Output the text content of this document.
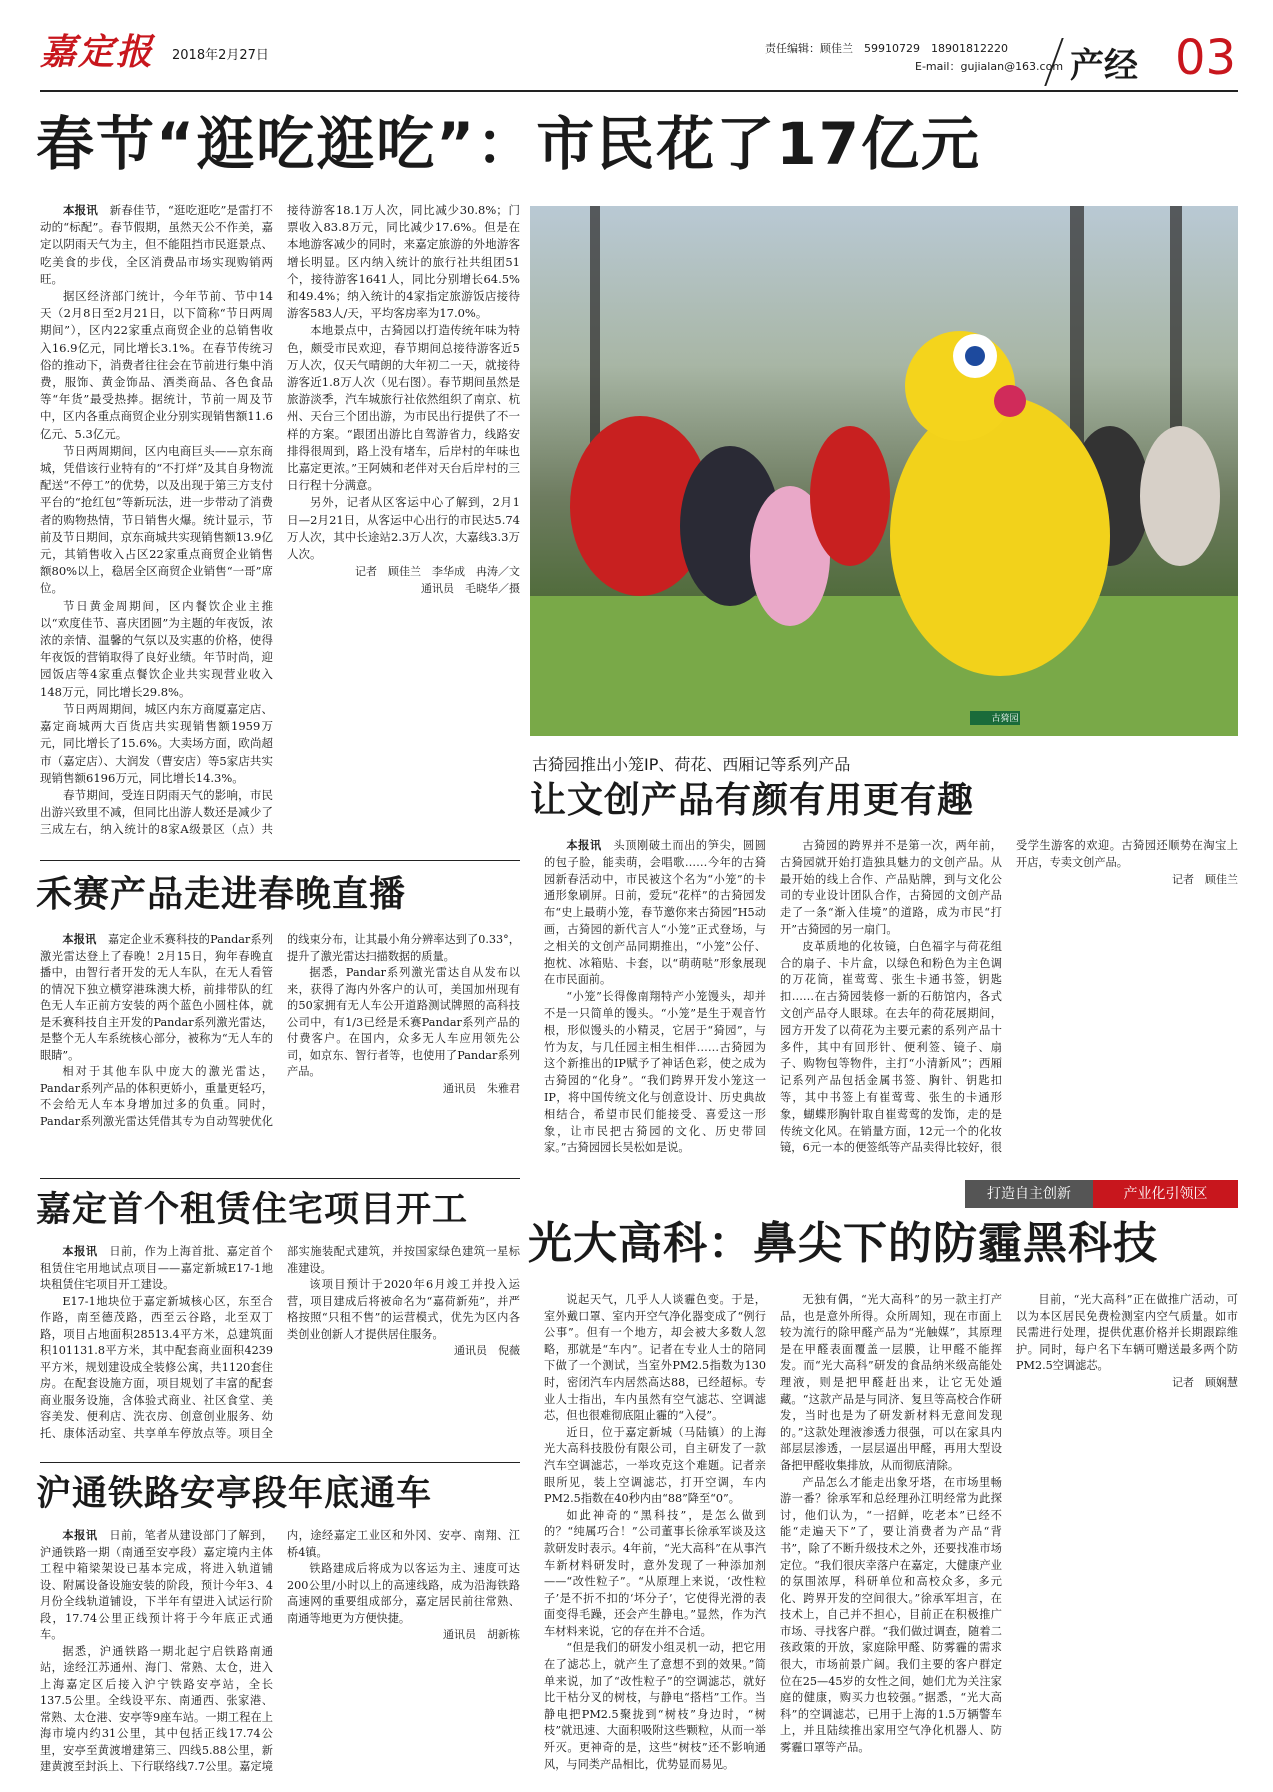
嘉定报 2018年2月27日	责任编辑：顾佳兰　 59910729　18901812220
E-mail：gujialan@163.com 产经 03
春节“逛吃逛吃”：市民花了17亿元

本报讯　 新春佳节，“逛吃逛吃”是雷打不动的“标配”。春节假期，虽然天公不作美，嘉定以阴雨天气为主，但不能阻挡市民逛景点、吃美食的步伐，全区消费品市场实现购销两旺。

据区经济部门统计，今年节前、节中14天（2月8日至2月21日，以下简称“节日两周期间”），区内22家重点商贸企业的总销售收入16.9亿元，同比增长3.1%。在春节传统习俗的推动下，消费者往往会在节前进行集中消费，服饰、黄金饰品、酒类商品、各色食品等“年货”最受热捧。据统计，节前一周及节中，区内各重点商贸企业分别实现销售额11.6亿元、5.3亿元。

节日两周期间，区内电商巨头——京东商城，凭借该行业特有的“不打烊”及其自身物流配送“不停工”的优势，以及出现于第三方支付平台的“抢红包”等新玩法，进一步带动了消费者的购物热情，节日销售火爆。统计显示，节前及节日期间，京东商城共实现销售额13.9亿元，其销售收入占区22家重点商贸企业销售额80%以上，稳居全区商贸企业销售“一哥”席位。

节日黄金周期间，区内餐饮企业主推以“欢度佳节、喜庆团圆”为主题的年夜饭，浓浓的亲情、温馨的气氛以及实惠的价格，使得年夜饭的营销取得了良好业绩。年节时尚，迎园饭店等4家重点餐饮企业共实现营业收入148万元，同比增长29.8%。

节日两周期间，城区内东方商厦嘉定店、嘉定商城两大百货店共实现销售额1959万元，同比增长了15.6%。大卖场方面，欧尚超市（嘉定店）、大润发（曹安店）等5家店共实现销售额6196万元，同比增长14.3%。

春节期间，受连日阴雨天气的影响，市民出游兴致里不减，但同比出游人数还是减少了三成左右，纳入统计的8家A级景区（点）共接待游客18.1万人次，同比减少30.8%；门票收入83.8万元，同比减少17.6%。但是在本地游客减少的同时，来嘉定旅游的外地游客增长明显。区内纳入统计的旅行社共组团51个，接待游客1641人，同比分别增长64.5%和49.4%；纳入统计的4家指定旅游饭店接待游客583人/天，平均客房率为17.0%。

本地景点中，古猗园以打造传统年味为特色，颇受市民欢迎，春节期间总接待游客近5万人次，仅天气晴朗的大年初二一天，就接待游客近1.8万人次（见右图）。春节期间虽然是旅游淡季，汽车城旅行社依然组织了南京、杭州、天台三个团出游，为市民出行提供了不一样的方案。“跟团出游比自驾游省力，线路安排得很周到，路上没有堵车，后岸村的年味也比嘉定更浓。”王阿姨和老伴对天台后岸村的三日行程十分满意。

另外，记者从区客运中心了解到，2月1日—2月21日，从客运中心出行的市民达5.74万人次，其中长途站2.3万人次，大嘉线3.3万人次。

记者　顾佳兰　李华成　冉涛／文
通讯员　毛晓华／摄
古猗园
古猗园推出小笼IP、荷花、西厢记等系列产品
让文创产品有颜有用更有趣

本报讯　 头顶刚破土而出的笋尖，圆圆的包子脸，能卖萌，会唱歌……今年的古猗园新春活动中，市民被这个名为“小笼”的卡通形象刷屏。日前，爱玩“花样”的古猗园发布“史上最萌小笼，春节邀你来古猗园”H5动画，古猗园的新代言人“小笼”正式登场，与之相关的文创产品同期推出，“小笼”公仔、抱枕、冰箱贴、卡套，以“萌萌哒”形象展现在市民面前。

“小笼”长得像南翔特产小笼馒头，却并不是一只简单的馒头。“小笼”是生于观音竹根，形似馒头的小精灵，它居于“猗园”，与竹为友，与几任园主相生相伴……古猗园为这个新推出的IP赋予了神话色彩，使之成为古猗园的“化身”。“我们跨界开发小笼这一IP，将中国传统文化与创意设计、历史典故相结合，希望市民们能接受、喜爱这一形象，让市民把古猗园的文化、历史带回家。”古猗园园长吴松如是说。

古猗园的跨界并不是第一次，两年前，古猗园就开始打造独具魅力的文创产品。从最开始的线上合作、产品贴牌，到与文化公司的专业设计团队合作，古猗园的文创产品走了一条“渐入佳境”的道路，成为市民“打开”古猗园的另一扇门。

皮革质地的化妆镜，白色福字与荷花组合的扇子、卡片盒，以绿色和粉色为主色调的万花筒，崔莺莺、张生卡通书签，钥匙扣……在古猗园装修一新的石舫馆内，各式文创产品夺人眼球。在去年的荷花展期间，园方开发了以荷花为主要元素的系列产品十多件，其中有回形针、便利签、镜子、扇子、购物包等物件，主打“小清新风”；西厢记系列产品包括金属书签、胸针、钥匙扣等，其中书签上有崔莺莺、张生的卡通形象，蝴蝶形胸针取自崔莺莺的发饰，走的是传统文化风。在销量方面，12元一个的化妆镜，6元一本的便签纸等产品卖得比较好，很受学生游客的欢迎。古猗园还顺势在淘宝上开店，专卖文创产品。

记者　顾佳兰
禾赛产品走进春晚直播

本报讯　 嘉定企业禾赛科技的Pandar系列激光雷达登上了春晚！2月15日，狗年春晚直播中，由智行者开发的无人车队，在无人看管的情况下独立横穿港珠澳大桥，前排带队的红色无人车正前方安装的两个蓝色小圆柱体，就是禾赛科技自主开发的Pandar系列激光雷达，是整个无人车系统核心部分，被称为“无人车的眼睛”。

相对于其他车队中庞大的激光雷达，Pandar系列产品的体积更娇小，重量更轻巧，不会给无人车本身增加过多的负重。同时，Pandar系列激光雷达凭借其专为自动驾驶优化的线束分布，让其最小角分辨率达到了0.33°，提升了激光雷达扫描数据的质量。

据悉，Pandar系列激光雷达自从发布以来，获得了海内外客户的认可，美国加州现有的50家拥有无人车公开道路测试牌照的高科技公司中，有1/3已经是禾赛Pandar系列产品的付费客户。在国内，众多无人车应用领先公司，如京东、智行者等，也使用了Pandar系列产品。

通讯员　朱雅君
嘉定首个租赁住宅项目开工

本报讯　 日前，作为上海首批、嘉定首个租赁住宅用地试点项目——嘉定新城E17-1地块租赁住宅项目开工建设。

E17-1地块位于嘉定新城核心区，东至合作路，南至德茂路，西至云谷路，北至双丁路，项目占地面积28513.4平方米，总建筑面积101131.8平方米，其中配套商业面积4239平方米，规划建设成全装修公寓，共1120套住房。在配套设施方面，项目规划了丰富的配套商业服务设施，含体验式商业、社区食堂、美容美发、便利店、洗衣房、创意创业服务、幼托、康体活动室、共享单车停放点等。项目全部实施装配式建筑，并按国家绿色建筑一星标准建设。

该项目预计于2020年6月竣工并投入运营，项目建成后将被命名为“嘉荷新苑”，并严格按照“只租不售”的运营模式，优先为区内各类创业创新人才提供居住服务。

通讯员　倪薇
沪通铁路安亭段年底通车

本报讯　 日前，笔者从建设部门了解到，沪通铁路一期（南通至安亭段）嘉定境内主体工程中箱梁架设已基本完成，将进入轨道铺设、附属设备设施安装的阶段，预计今年3、4月份全线轨道铺设，下半年有望进入试运行阶段，17.74公里正线预计将于今年底正式通车。

据悉，沪通铁路一期北起宁启铁路南通站，途经江苏通州、海门、常熟、太仓，进入上海嘉定区后接入沪宁铁路安亭站，全长137.5公里。全线设平东、南通西、张家港、常熟、太仓港、安亭等9座车站。一期工程在上海市境内约31公里，其中包括正线17.74公里，安亭至黄渡增建第三、四线5.88公里，新建黄渡至封浜上、下行联络线7.7公里。嘉定境内，途经嘉定工业区和外冈、安亭、南翔、江桥4镇。

铁路建成后将成为以客运为主、速度可达200公里/小时以上的高速线路，成为沿海铁路高速网的重要组成部分，嘉定居民前往常熟、南通等地更为方便快捷。

通讯员　胡新栋
打造自主创新	产业化引领区
光大高科：鼻尖下的防霾黑科技

说起天气，几乎人人谈霾色变。于是，室外戴口罩、室内开空气净化器变成了“例行公事”。但有一个地方，却会被大多数人忽略，那就是“车内”。记者在专业人士的陪同下做了一个测试，当室外PM2.5指数为130时，密闭汽车内居然高达88，已经超标。专业人士指出，车内虽然有空气滤芯、空调滤芯，但也很难彻底阻止霾的“入侵”。

近日，位于嘉定新城（马陆镇）的上海光大高科技股份有限公司，自主研发了一款汽车空调滤芯，一举攻克这个难题。记者亲眼所见，装上空调滤芯，打开空调，车内PM2.5指数在40秒内由“88”降至“0”。

如此神奇的“黑科技”，是怎么做到的？“纯属巧合！”公司董事长徐承军谈及这款研发时表示。4年前，“光大高科”在从事汽车新材料研发时，意外发现了一种添加剂——“改性粒子”。“从原理上来说，‘改性粒子’是不折不扣的‘坏分子’，它使得光滑的表面变得毛躁，还会产生静电。”显然，作为汽车材料来说，它的存在并不合适。

“但是我们的研发小组灵机一动，把它用在了滤芯上，就产生了意想不到的效果。”简单来说，加了“改性粒子”的空调滤芯，就好比干枯分叉的树枝，与静电“搭档”工作。当静电把PM2.5聚拢到“树枝”身边时，“树枝”就迅速、大面积吸附这些颗粒，从而一举歼灭。更神奇的是，这些“树枝”还不影响通风，与同类产品相比，优势显而易见。

无独有偶，“光大高科”的另一款主打产品，也是意外所得。众所周知，现在市面上较为流行的除甲醛产品为“光触媒”，其原理是在甲醛表面覆盖一层膜，让甲醛不能挥发。而“光大高科”研发的食品纳米级高能处理液，则是把甲醛赶出来，让它无处遁藏。“这款产品是与同济、复旦等高校合作研发，当时也是为了研发新材料无意间发现的。”这款处理液渗透力很强，可以在家具内部层层渗透，一层层逼出甲醛，再用大型设备把甲醛收集排放，从而彻底清除。

产品怎么才能走出象牙塔，在市场里畅游一番？徐承军和总经理孙江明经常为此探讨，他们认为，“一招鲜，吃老本”已经不能“走遍天下”了，要让消费者为产品“背书”，除了不断升级技术之外，还要找准市场定位。“我们很庆幸落户在嘉定，大健康产业的氛围浓厚，科研单位和高校众多，多元化、跨界开发的空间很大。”徐承军坦言，在技术上，自己并不担心，目前正在积极推广市场、寻找客户群。“我们做过调查，随着二孩政策的开放，家庭除甲醛、防雾霾的需求很大，市场前景广阔。我们主要的客户群定位在25—45岁的女性之间，她们尤为关注家庭的健康，购买力也较强。”据悉，“光大高科”的空调滤芯，已用于上海的1.5万辆警车上，并且陆续推出家用空气净化机器人、防雾霾口罩等产品。

目前，“光大高科”正在做推广活动，可以为本区居民免费检测室内空气质量。如市民需进行处理，提供优惠价格并长期跟踪维护。同时，每户名下车辆可赠送最多两个防PM2.5空调滤芯。

记者　顾娴慧
